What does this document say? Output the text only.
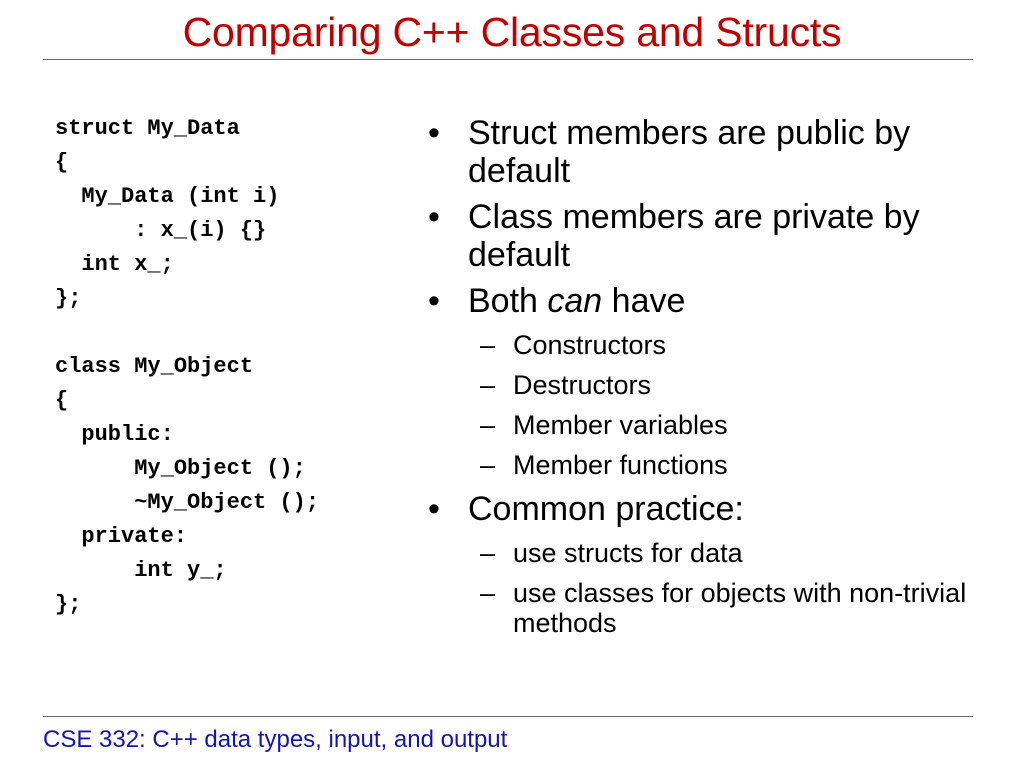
Comparing C++ Classes and Structs
struct My_Data
{
My_Data (int i)
: x_(i) {}
int x_;
};
class My_Object
{
public:
My_Object ();
~My_Object ();
private:
int y_;
};
• Struct members are public by default
• Class members are private by default
• Both can have
– Constructors
– Destructors
– Member variables
– Member functions
• Common practice:
– use structs for data
– use classes for objects with non-trivial methods

CSE 332: C++ data types, input, and output
